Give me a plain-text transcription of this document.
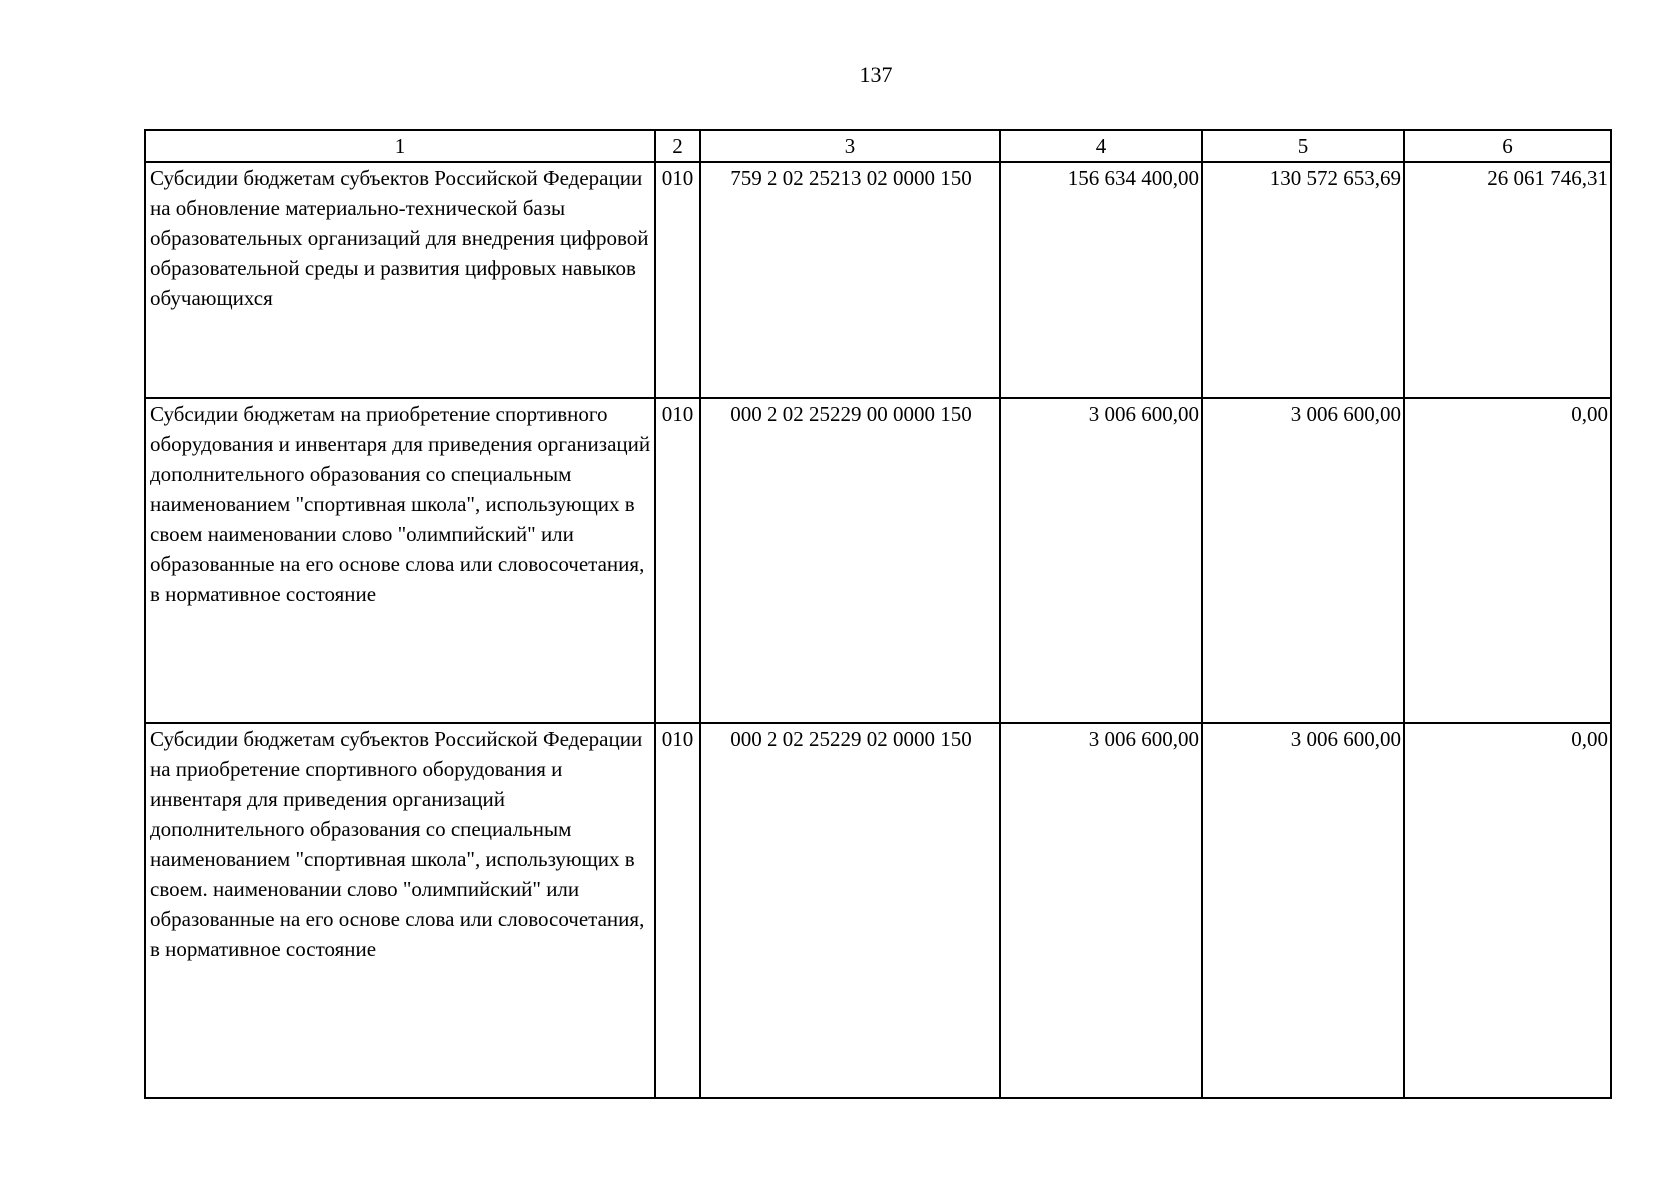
137
1	2	3	4	5	6
Субсидии бюджетам субъектов Российской Федерации на обновление материально-технической базы образовательных организаций для внедрения цифровой образовательной среды и развития цифровых навыков обучающихся	010	759 2 02 25213 02 0000 150	156 634 400,00	130 572 653,69	26 061 746,31
Субсидии бюджетам на приобретение спортивного оборудования и инвентаря для приведения организаций дополнительного образования со специальным наименованием "спортивная школа", использующих в своем наименовании слово "олимпийский" или образованные на его основе слова или словосочетания, в нормативное состояние	010	000 2 02 25229 00 0000 150	3 006 600,00	3 006 600,00	0,00
Субсидии бюджетам субъектов Российской Федерации на приобретение спортивного оборудования и инвентаря для приведения организаций дополнительного образования со специальным наименованием "спортивная школа", использующих в своем. наименовании слово "олимпийский" или образованные на его основе слова или словосочетания, в нормативное состояние	010	000 2 02 25229 02 0000 150	3 006 600,00	3 006 600,00	0,00
